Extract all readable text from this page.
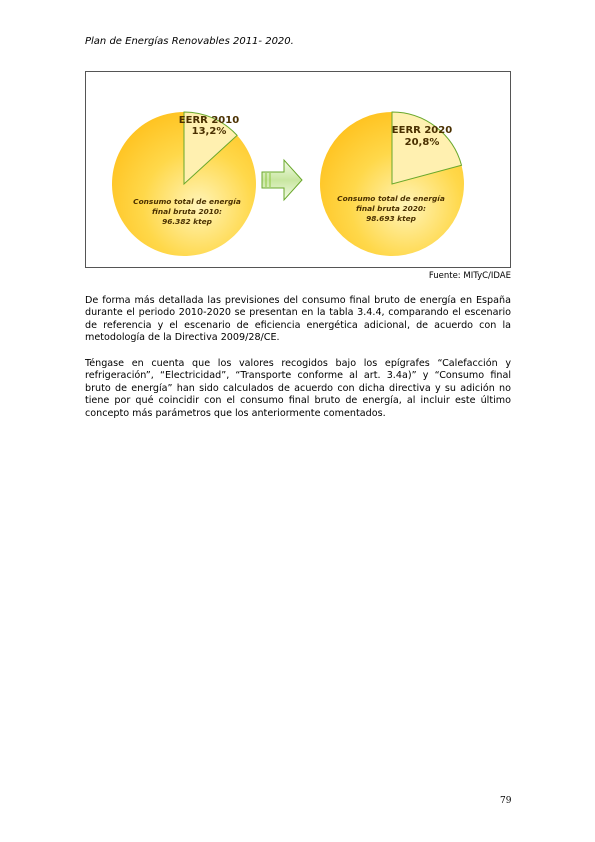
Plan de Energías Renovables 2011- 2020.
EERR 2010
13,2%
Consumo total de energía
final bruta 2010:
96.382 ktep
EERR 2020
20,8%
Consumo total de energía
final bruta 2020:
98.693 ktep
Fuente: MITyC/IDAE

De forma más detallada las previsiones del consumo final bruto de energía en España durante el periodo 2010-2020 se presentan en la tabla 3.4.4, comparando el escenario de referencia y el escenario de eficiencia energética adicional, de acuerdo con la metodología de la Directiva 2009/28/CE.

Téngase en cuenta que los valores recogidos bajo los epígrafes “Calefacción y refrigeración”, “Electricidad”, “Transporte conforme al art. 3.4a)” y “Consumo final bruto de energía” han sido calculados de acuerdo con dicha directiva y su adición no tiene por qué coincidir con el consumo final bruto de energía, al incluir este último concepto más parámetros que los anteriormente comentados.

79
